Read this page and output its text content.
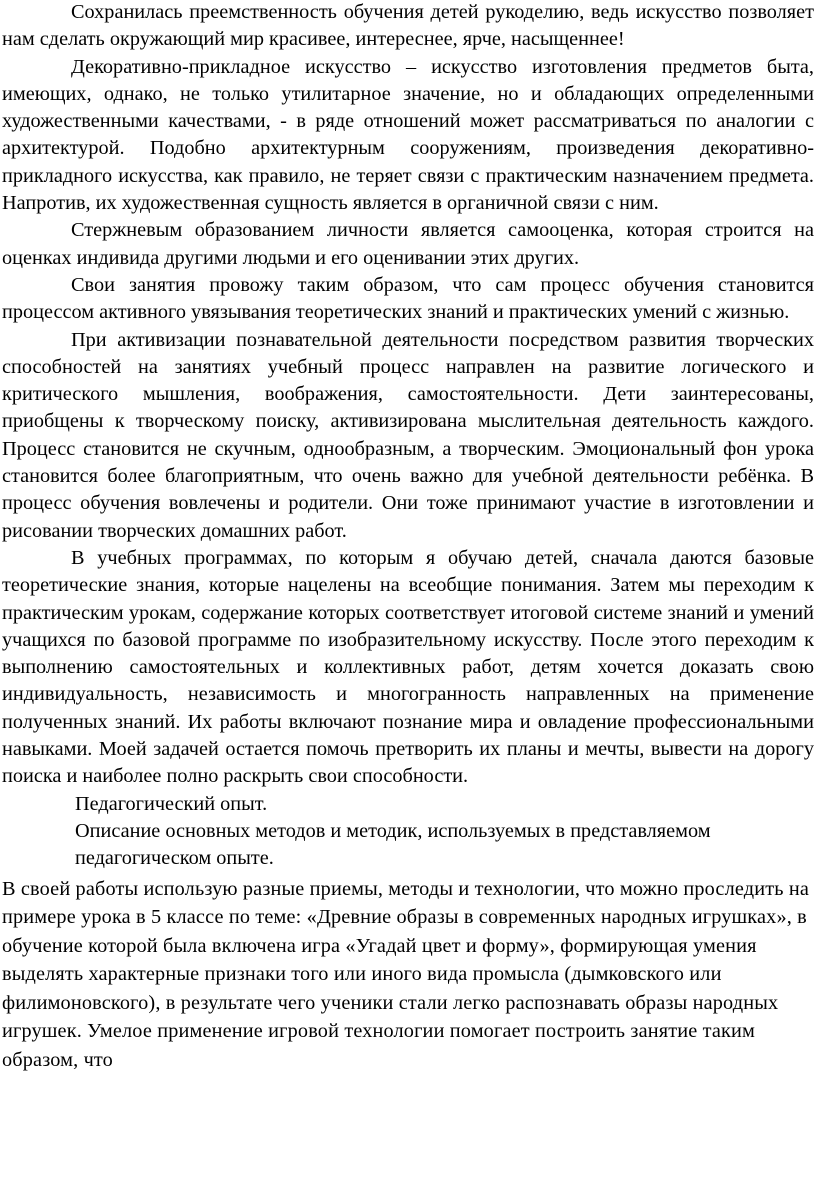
Сохранилась преемственность обучения детей рукоделию, ведь искусство позволяет нам сделать окружающий мир красивее, интереснее, ярче, насыщеннее!

Декоративно-прикладное искусство – искусство изготовления предметов быта, имеющих, однако, не только утилитарное значение, но и обладающих определенными художественными качествами, - в ряде отношений может рассматриваться по аналогии с архитектурой. Подобно архитектурным сооружениям, произведения декоративно-прикладного искусства, как правило, не теряет связи с практическим назначением предмета. Напротив, их художественная сущность является в органичной связи с ним.

Стержневым образованием личности является самооценка, которая строится на оценках индивида другими людьми и его оценивании этих других.

Свои занятия провожу таким образом, что сам процесс обучения становится процессом активного увязывания теоретических знаний и практических умений с жизнью.

При активизации познавательной деятельности посредством развития творческих способностей на занятиях учебный процесс направлен на развитие логического и критического мышления, воображения, самостоятельности. Дети заинтересованы, приобщены к творческому поиску, активизирована мыслительная деятельность каждого. Процесс становится не скучным, однообразным, а творческим. Эмоциональный фон урока становится более благоприятным, что очень важно для учебной деятельности ребёнка. В процесс обучения вовлечены и родители. Они тоже принимают участие в изготовлении и рисовании творческих домашних работ.

В учебных программах, по которым я обучаю детей, сначала даются базовые теоретические знания, которые нацелены на всеобщие понимания. Затем мы переходим к практическим урокам, содержание которых соответствует итоговой системе знаний и умений учащихся по базовой программе по изобразительному искусству. После этого переходим к выполнению самостоятельных и коллективных работ, детям хочется доказать свою индивидуальность, независимость и многогранность направленных на применение полученных знаний. Их работы включают познание мира и овладение профессиональными навыками. Моей задачей остается помочь претворить их планы и мечты, вывести на дорогу поиска и наиболее полно раскрыть свои способности.

Педагогический опыт.

Описание основных методов и методик, используемых в представляемом педагогическом опыте.

В своей работы использую разные приемы, методы и технологии, что можно проследить на примере урока в 5 классе по теме: «Древние образы в современных народных игрушках», в обучение которой была включена игра «Угадай цвет и форму», формирующая умения выделять характерные признаки того или иного вида промысла (дымковского или филимоновского), в результате чего ученики стали легко распознавать образы народных игрушек. Умелое применение игровой технологии помогает построить занятие таким образом, что
